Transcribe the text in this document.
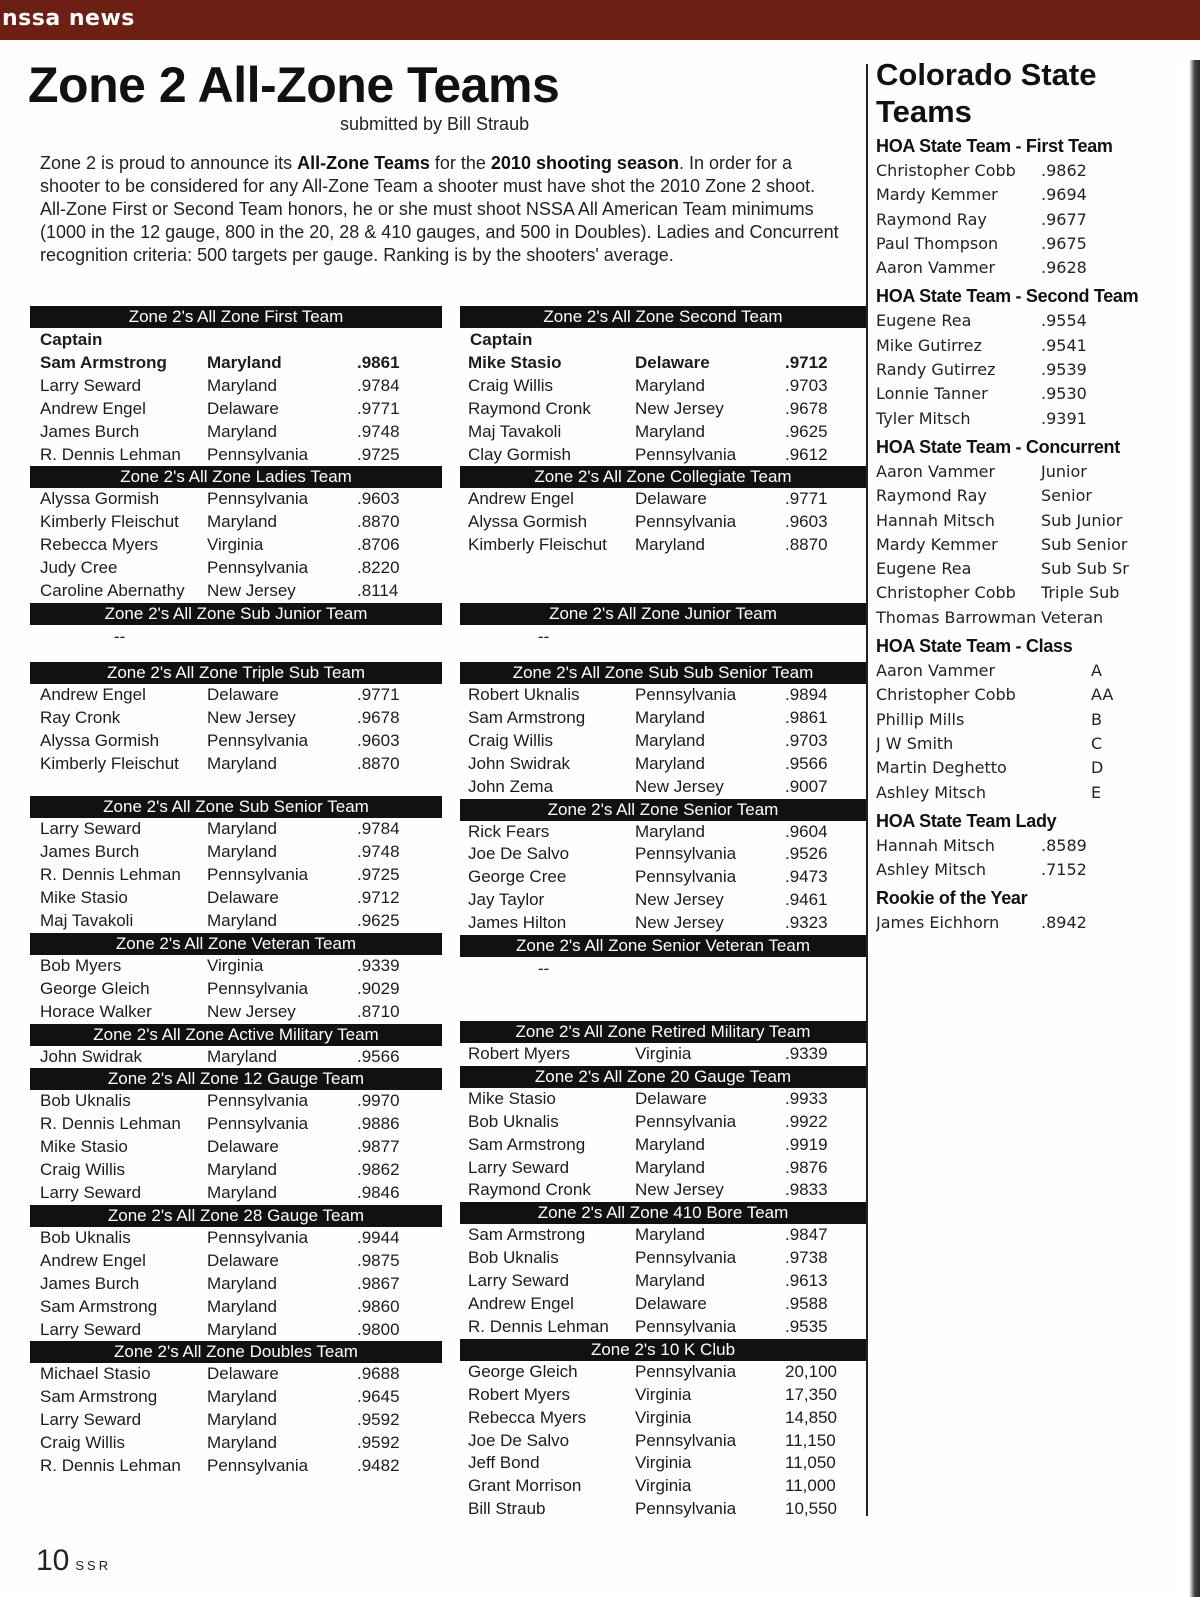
nssa news
Zone 2 All-Zone Teams
submitted by Bill Straub

Zone 2 is proud to announce its All-Zone Teams for the 2010 shooting season. In order for a shooter to be considered for any All-Zone Team a shooter must have shot the 2010 Zone 2 shoot. All-Zone First or Second Team honors, he or she must shoot NSSA All American Team minimums (1000 in the 12 gauge, 800 in the 20, 28 & 410 gauges, and 500 in Doubles). Ladies and Concurrent recognition criteria: 500 targets per gauge. Ranking is by the shooters' average.

Zone 2's All Zone First Team
Captain
Sam Armstrong	Maryland	.9861
Larry Seward	Maryland	.9784
Andrew Engel	Delaware	.9771
James Burch	Maryland	.9748
R. Dennis Lehman	Pennsylvania	.9725
Zone 2's All Zone Ladies Team
Alyssa Gormish	Pennsylvania	.9603
Kimberly Fleischut	Maryland	.8870
Rebecca Myers	Virginia	.8706
Judy Cree	Pennsylvania	.8220
Caroline Abernathy	New Jersey	.8114
Zone 2's All Zone Sub Junior Team
--
Zone 2's All Zone Triple Sub Team
Andrew Engel	Delaware	.9771
Ray Cronk	New Jersey	.9678
Alyssa Gormish	Pennsylvania	.9603
Kimberly Fleischut	Maryland	.8870
Zone 2's All Zone Sub Senior Team
Larry Seward	Maryland	.9784
James Burch	Maryland	.9748
R. Dennis Lehman	Pennsylvania	.9725
Mike Stasio	Delaware	.9712
Maj Tavakoli	Maryland	.9625
Zone 2's All Zone Veteran Team
Bob Myers	Virginia	.9339
George Gleich	Pennsylvania	.9029
Horace Walker	New Jersey	.8710
Zone 2's All Zone Active Military Team
John Swidrak	Maryland	.9566
Zone 2's All Zone 12 Gauge Team
Bob Uknalis	Pennsylvania	.9970
R. Dennis Lehman	Pennsylvania	.9886
Mike Stasio	Delaware	.9877
Craig Willis	Maryland	.9862
Larry Seward	Maryland	.9846
Zone 2's All Zone 28 Gauge Team
Bob Uknalis	Pennsylvania	.9944
Andrew Engel	Delaware	.9875
James Burch	Maryland	.9867
Sam Armstrong	Maryland	.9860
Larry Seward	Maryland	.9800
Zone 2's All Zone Doubles Team
Michael Stasio	Delaware	.9688
Sam Armstrong	Maryland	.9645
Larry Seward	Maryland	.9592
Craig Willis	Maryland	.9592
R. Dennis Lehman	Pennsylvania	.9482
Zone 2's All Zone Second Team
Captain
Mike Stasio	Delaware	.9712
Craig Willis	Maryland	.9703
Raymond Cronk	New Jersey	.9678
Maj Tavakoli	Maryland	.9625
Clay Gormish	Pennsylvania	.9612
Zone 2's All Zone Collegiate Team
Andrew Engel	Delaware	.9771
Alyssa Gormish	Pennsylvania	.9603
Kimberly Fleischut	Maryland	.8870
Zone 2's All Zone Junior Team
--
Zone 2's All Zone Sub Sub Senior Team
Robert Uknalis	Pennsylvania	.9894
Sam Armstrong	Maryland	.9861
Craig Willis	Maryland	.9703
John Swidrak	Maryland	.9566
John Zema	New Jersey	.9007
Zone 2's All Zone Senior Team
Rick Fears	Maryland	.9604
Joe De Salvo	Pennsylvania	.9526
George Cree	Pennsylvania	.9473
Jay Taylor	New Jersey	.9461
James Hilton	New Jersey	.9323
Zone 2's All Zone Senior Veteran Team
--
Zone 2's All Zone Retired Military Team
Robert Myers	Virginia	.9339
Zone 2's All Zone 20 Gauge Team
Mike Stasio	Delaware	.9933
Bob Uknalis	Pennsylvania	.9922
Sam Armstrong	Maryland	.9919
Larry Seward	Maryland	.9876
Raymond Cronk	New Jersey	.9833
Zone 2's All Zone 410 Bore Team
Sam Armstrong	Maryland	.9847
Bob Uknalis	Pennsylvania	.9738
Larry Seward	Maryland	.9613
Andrew Engel	Delaware	.9588
R. Dennis Lehman	Pennsylvania	.9535
Zone 2's 10 K Club
George Gleich	Pennsylvania	20,100
Robert Myers	Virginia	17,350
Rebecca Myers	Virginia	14,850
Joe De Salvo	Pennsylvania	11,150
Jeff Bond	Virginia	11,050
Grant Morrison	Virginia	11,000
Bill Straub	Pennsylvania	10,550
Colorado State Teams
HOA State Team - First Team
Christopher Cobb	.9862
Mardy Kemmer	.9694
Raymond Ray	.9677
Paul Thompson	.9675
Aaron Vammer	.9628
HOA State Team - Second Team
Eugene Rea	.9554
Mike Gutirrez	.9541
Randy Gutirrez	.9539
Lonnie Tanner	.9530
Tyler Mitsch	.9391
HOA State Team - Concurrent
Aaron Vammer	Junior
Raymond Ray	Senior
Hannah Mitsch	Sub Junior
Mardy Kemmer	Sub Senior
Eugene Rea	Sub Sub Sr
Christopher Cobb	Triple Sub
Thomas Barrowman Veteran
HOA State Team - Class
Aaron Vammer	A
Christopher Cobb	AA
Phillip Mills	B
J W Smith	C
Martin Deghetto	D
Ashley Mitsch	E
HOA State Team Lady
Hannah Mitsch	.8589
Ashley Mitsch	.7152
Rookie of the Year
James Eichhorn	.8942
10 SSR
